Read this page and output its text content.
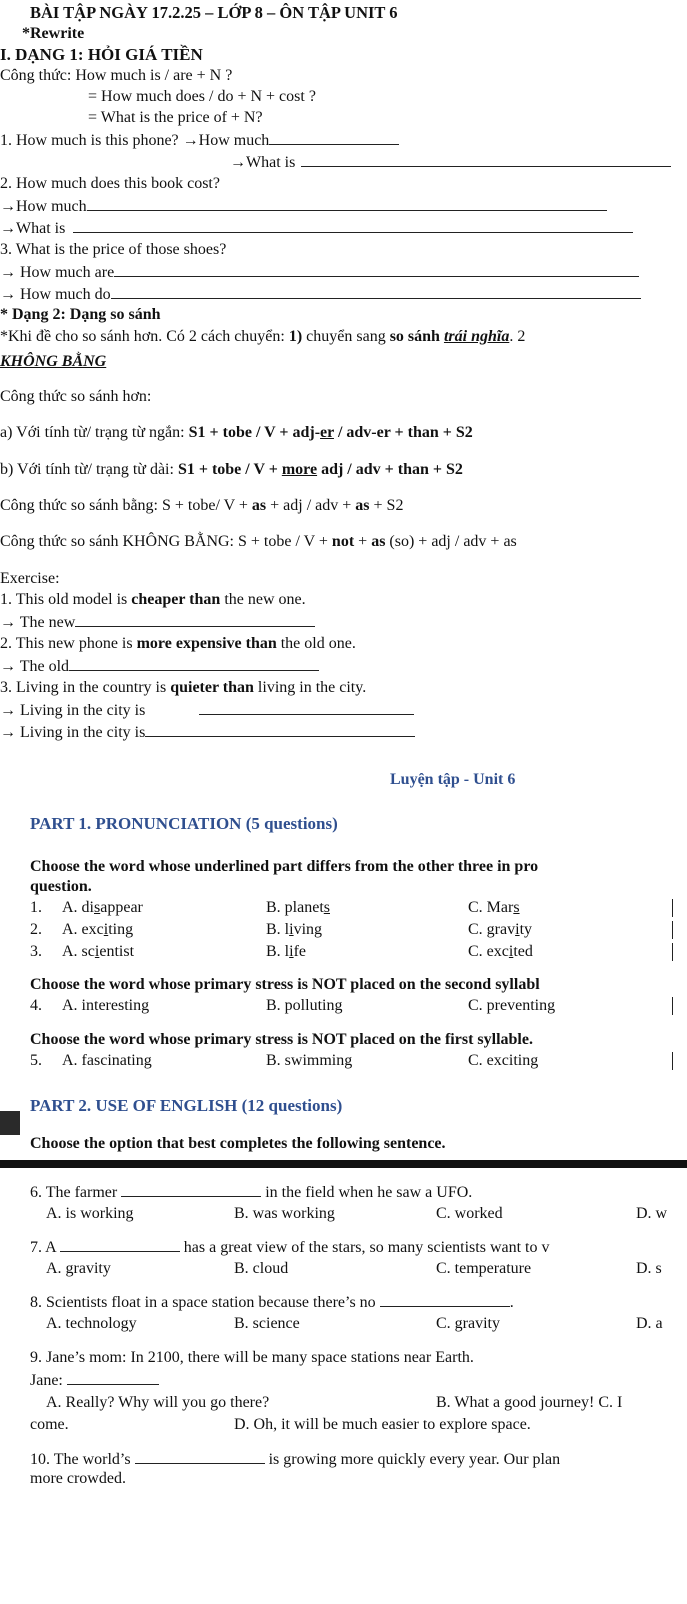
BÀI TẬP NGÀY 17.2.25 – LỚP 8 – ÔN TẬP UNIT 6
*Rewrite
I. DẠNG 1: HỎI GIÁ TIỀN
Công thức: How much is / are + N ?
= How much does / do + N + cost ?
= What is the price of + N?
1. How much is this phone? →How much
→What is
2. How much does this book cost?
→How much
→What is
3. What is the price of those shoes?
→ How much are
→ How much do
* Dạng 2: Dạng so sánh
*Khi đề cho so sánh hơn. Có 2 cách chuyển: 1) chuyển sang so sánh trái nghĩa. 2
KHÔNG BẰNG
Công thức so sánh hơn:
a) Với tính từ/ trạng từ ngắn: S1 + tobe / V + adj-er / adv-er + than + S2
b) Với tính từ/ trạng từ dài: S1 + tobe / V + more adj / adv + than + S2
Công thức so sánh bằng: S + tobe/ V + as + adj / adv + as + S2
Công thức so sánh KHÔNG BẰNG: S + tobe / V + not + as (so) + adj / adv + as
Exercise:
1. This old model is cheaper than the new one.
→ The new
2. This new phone is more expensive than the old one.
→ The old
3. Living in the country is quieter than living in the city.
→ Living in the city is
→ Living in the city is
Luyện tập - Unit 6
PART 1. PRONUNCIATION (5 questions)
Choose the word whose underlined part differs from the other three in pro
question.
1. A. disappear	B. planets	C. Mars
2. A. exciting	B. living	C. gravity
3. A. scientist	B. life	C. excited
Choose the word whose primary stress is NOT placed on the second syllabl
4. A. interesting	B. polluting	C. preventing
Choose the word whose primary stress is NOT placed on the first syllable.
5. A. fascinating	B. swimming	C. exciting
PART 2. USE OF ENGLISH (12 questions)
Choose the option that best completes the following sentence.
6. The farmer	in the field when he saw a UFO.
A. is working	B. was working	C. worked	D. w
7. A	has a great view of the stars, so many scientists want to v
A. gravity	B. cloud	C. temperature	D. s
8. Scientists float in a space station because there’s no	.
A. technology	B. science	C. gravity	D. a
9. Jane’s mom: In 2100, there will be many space stations near Earth.
Jane:
A. Really? Why will you go there?	B. What a good journey! C. I
come.	D. Oh, it will be much easier to explore space.
10. The world’s	is growing more quickly every year. Our plan
more crowded.
